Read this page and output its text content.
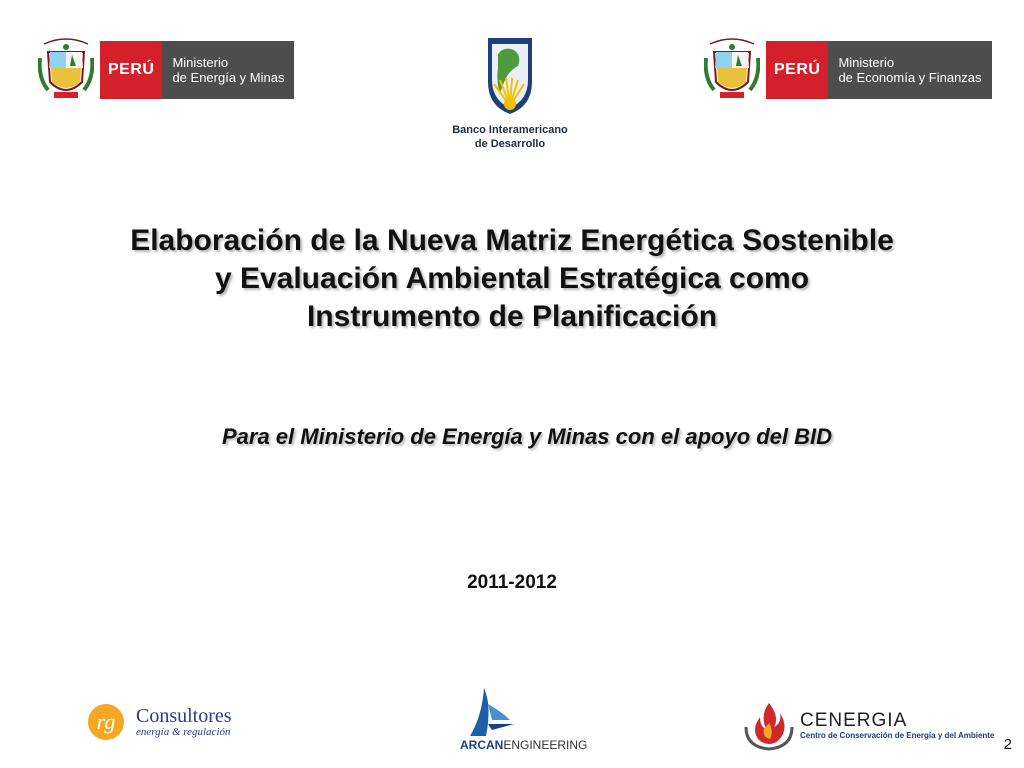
PERÚ	Ministerio
de Energía y Minas
Banco Interamericano
de Desarrollo
PERÚ	Ministerio
de Economía y Finanzas
Elaboración de la Nueva Matriz Energética Sostenible
y Evaluación Ambiental Estratégica como
Instrumento de Planificación
Para el Ministerio de Energía y Minas con el apoyo del BID
2011-2012
rg Consultores
energía & regulación
ARCANENGINEERING
CENERGIA
Centro de Conservación de Energía y del Ambiente
2
